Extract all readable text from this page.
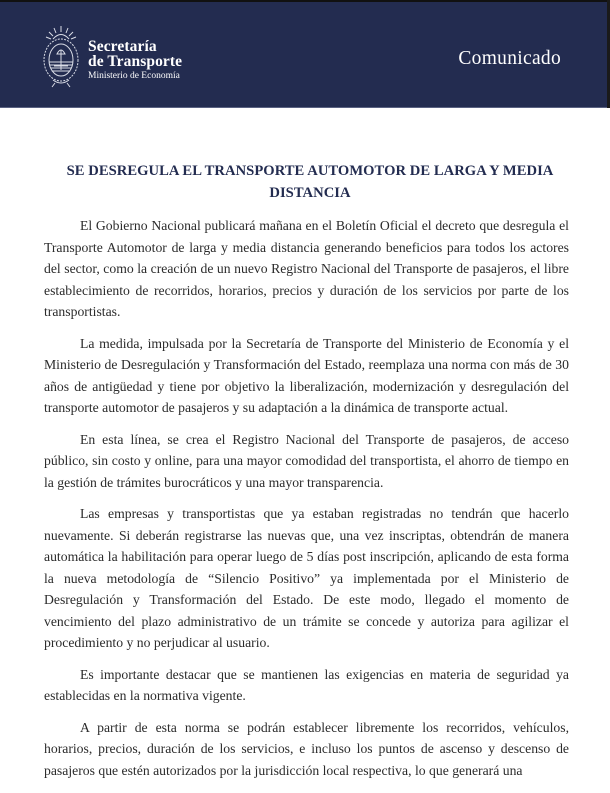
Secretaría
de Transporte
Ministerio de Economía
Comunicado
SE DESREGULA EL TRANSPORTE AUTOMOTOR DE LARGA Y MEDIA DISTANCIA

El Gobierno Nacional publicará mañana en el Boletín Oficial el decreto que desregula el Transporte Automotor de larga y media distancia generando beneficios para todos los actores del sector, como la creación de un nuevo Registro Nacional del Transporte de pasajeros, el libre establecimiento de recorridos, horarios, precios y duración de los servicios por parte de los transportistas.

La medida, impulsada por la Secretaría de Transporte del Ministerio de Economía y el Ministerio de Desregulación y Transformación del Estado, reemplaza una norma con más de 30 años de antigüedad y tiene por objetivo la liberalización, modernización y desregulación del transporte automotor de pasajeros y su adaptación a la dinámica de transporte actual.

En esta línea, se crea el Registro Nacional del Transporte de pasajeros, de acceso público, sin costo y online, para una mayor comodidad del transportista, el ahorro de tiempo en la gestión de trámites burocráticos y una mayor transparencia.

Las empresas y transportistas que ya estaban registradas no tendrán que hacerlo nuevamente. Si deberán registrarse las nuevas que, una vez inscriptas, obtendrán de manera automática la habilitación para operar luego de 5 días post inscripción, aplicando de esta forma la nueva metodología de “Silencio Positivo” ya implementada por el Ministerio de Desregulación y Transformación del Estado. De este modo, llegado el momento de vencimiento del plazo administrativo de un trámite se concede y autoriza para agilizar el procedimiento y no perjudicar al usuario.

Es importante destacar que se mantienen las exigencias en materia de seguridad ya establecidas en la normativa vigente.

A partir de esta norma se podrán establecer libremente los recorridos, vehículos, horarios, precios, duración de los servicios, e incluso los puntos de ascenso y descenso de pasajeros que estén autorizados por la jurisdicción local respectiva, lo que generará una
